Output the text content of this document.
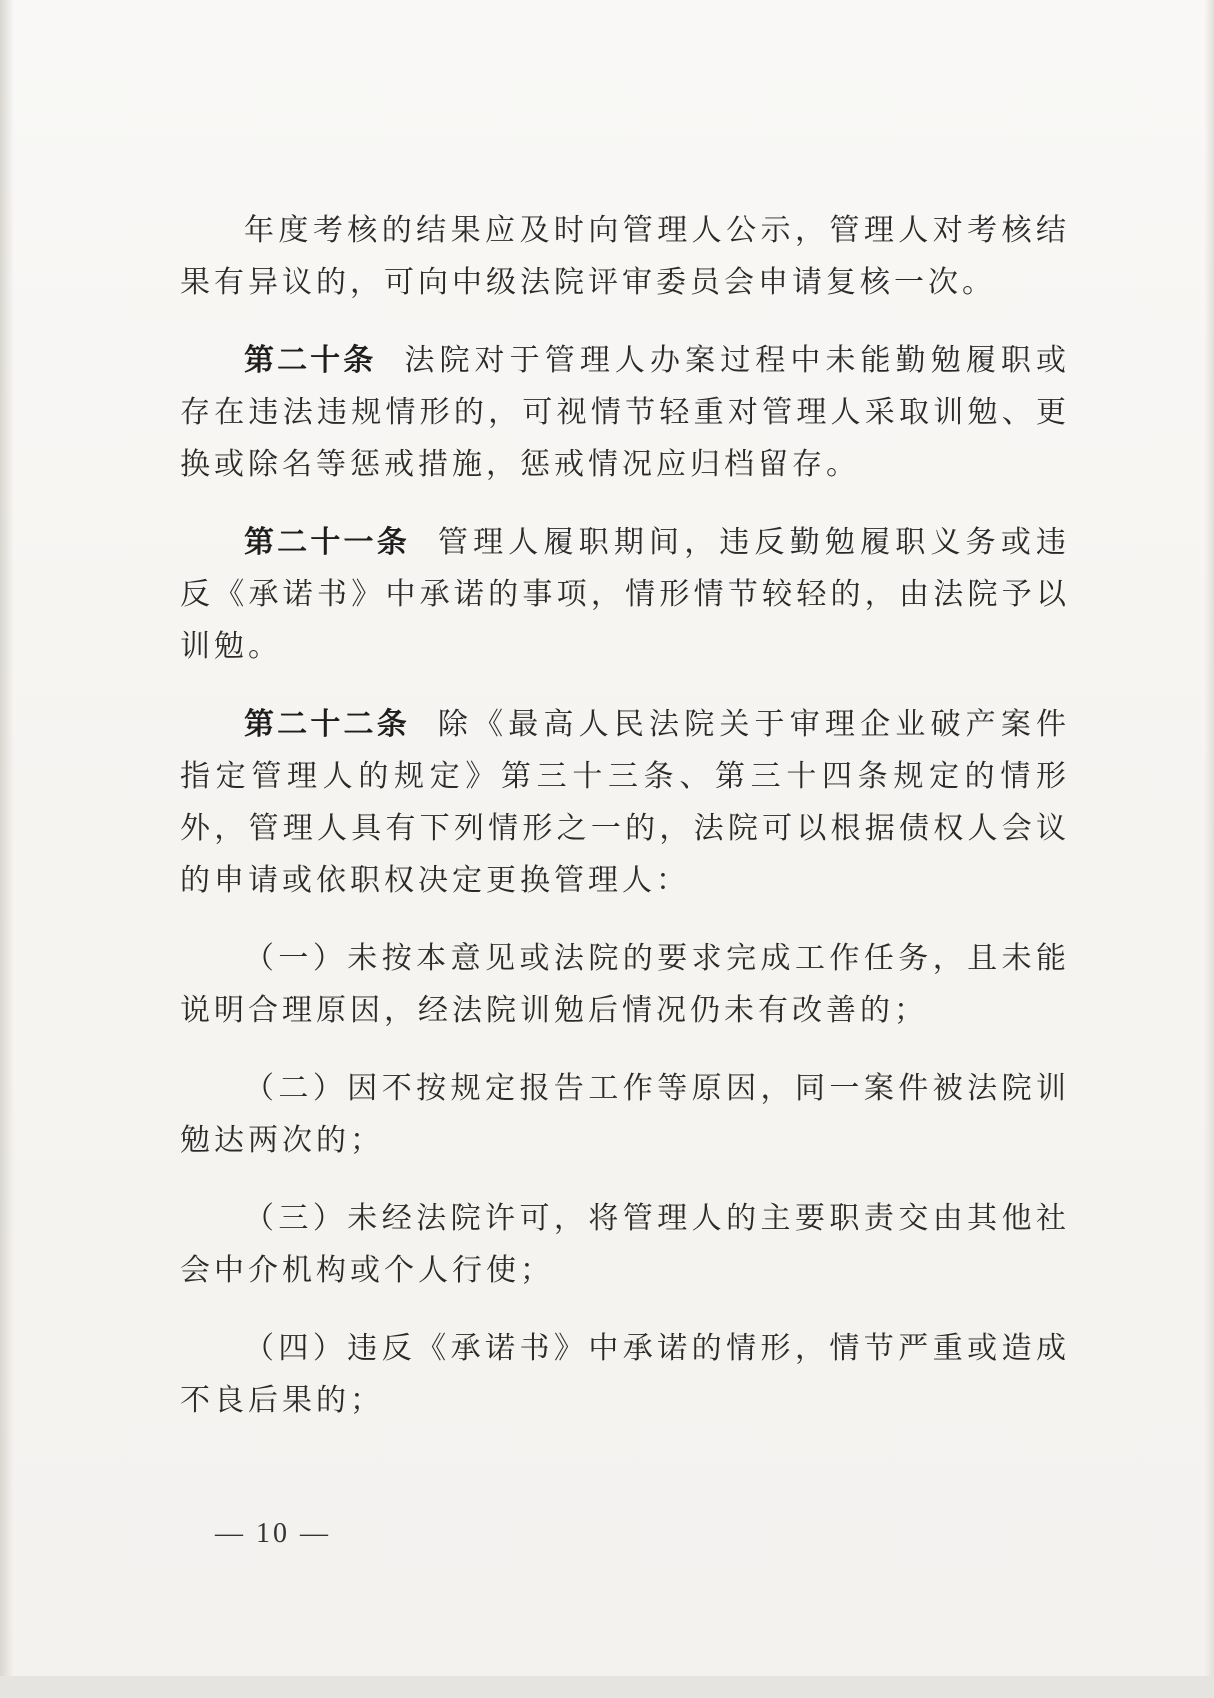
年度考核的结果应及时向管理人公示，管理人对考核结果有异议的，可向中级法院评审委员会申请复核一次。

第二十条 法院对于管理人办案过程中未能勤勉履职或存在违法违规情形的，可视情节轻重对管理人采取训勉、更换或除名等惩戒措施，惩戒情况应归档留存。

第二十一条 管理人履职期间，违反勤勉履职义务或违反《承诺书》中承诺的事项，情形情节较轻的，由法院予以训勉。

第二十二条 除《最高人民法院关于审理企业破产案件指定管理人的规定》第三十三条、第三十四条规定的情形外，管理人具有下列情形之一的，法院可以根据债权人会议的申请或依职权决定更换管理人：

（一）未按本意见或法院的要求完成工作任务，且未能说明合理原因，经法院训勉后情况仍未有改善的；

（二）因不按规定报告工作等原因，同一案件被法院训勉达两次的；

（三）未经法院许可，将管理人的主要职责交由其他社会中介机构或个人行使；

（四）违反《承诺书》中承诺的情形，情节严重或造成不良后果的；

— 10 —
